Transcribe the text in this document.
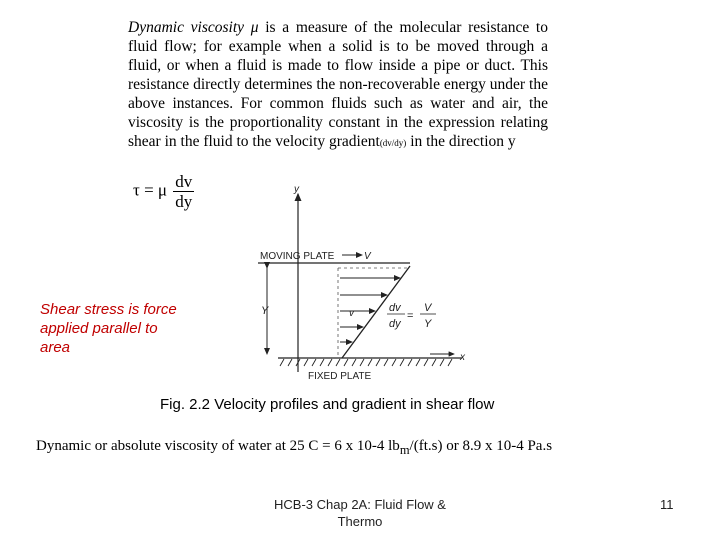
Dynamic viscosity μ is a measure of the molecular resistance to fluid flow; for example when a solid is to be moved through a fluid, or when a fluid is made to flow inside a pipe or duct. This resistance directly determines the non-recoverable energy under the above instances. For common fluids such as water and air, the viscosity is the proportionality constant in the expression relating shear in the fluid to the velocity gradient(dv/dy) in the direction y

τ = μ $\frac{dv}{dy}$	y
MOVING PLATE	V
v	dv
dy
=
V
Y
Y
x
FIXED PLATE
Shear stress is force applied parallel to area
Fig. 2.2 Velocity profiles and gradient in shear flow
Dynamic or absolute viscosity of water at 25 C = 6 x 10-4 $lb_m/(ft.s)$ or 8.9 x 10-4 Pa.s
HCB-3 Chap 2A: Fluid Flow & Thermo
11
